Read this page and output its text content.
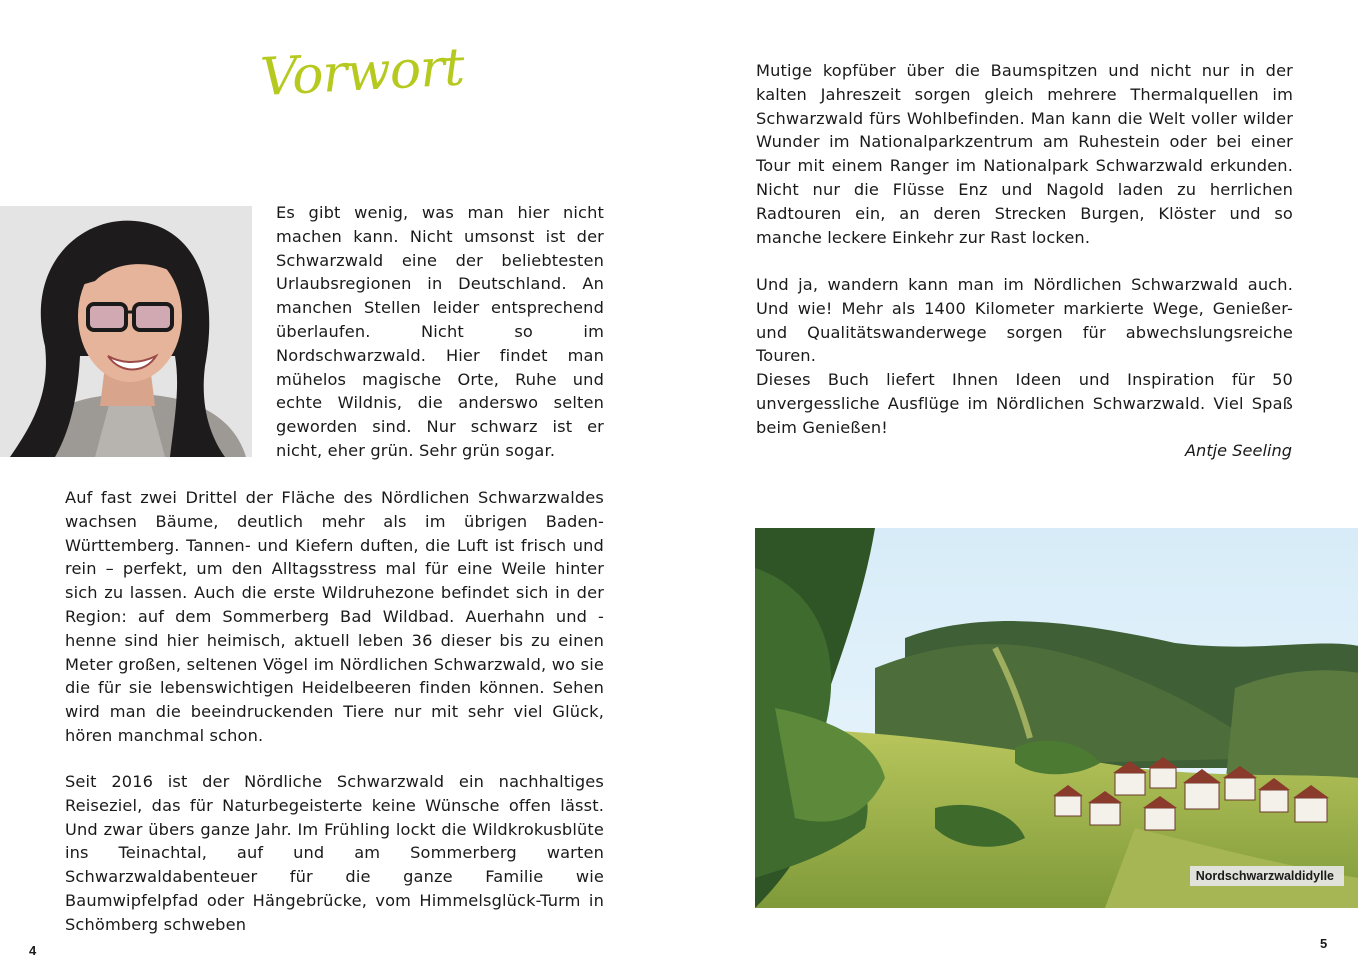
Vorwort

Es gibt wenig, was man hier nicht machen kann. Nicht umsonst ist der Schwarzwald eine der beliebtesten Urlaubsregionen in Deutschland. An manchen Stellen leider entsprechend überlaufen. Nicht so im Nordschwarzwald. Hier findet man mühelos magische Orte, Ruhe und echte Wildnis, die anderswo selten geworden sind. Nur schwarz ist er nicht, eher grün. Sehr grün sogar.

Auf fast zwei Drittel der Fläche des Nördlichen Schwarzwaldes wachsen Bäume, deutlich mehr als im übrigen Baden-Württemberg. Tannen- und Kiefern duften, die Luft ist frisch und rein – perfekt, um den Alltagsstress mal für eine Weile hinter sich zu lassen. Auch die erste Wildruhezone befindet sich in der Region: auf dem Sommerberg Bad Wildbad. Auerhahn und -henne sind hier heimisch, aktuell leben 36 dieser bis zu einen Meter großen, seltenen Vögel im Nördlichen Schwarzwald, wo sie die für sie lebenswichtigen Heidelbeeren finden können. Sehen wird man die beeindruckenden Tiere nur mit sehr viel Glück, hören manchmal schon.

Seit 2016 ist der Nördliche Schwarzwald ein nachhaltiges Reiseziel, das für Naturbegeisterte keine Wünsche offen lässt. Und zwar übers ganze Jahr. Im Frühling lockt die Wildkrokusblüte ins Teinachtal, auf und am Sommerberg warten Schwarzwaldabenteuer für die ganze Familie wie Baumwipfelpfad oder Hängebrücke, vom Himmelsglück-Turm in Schömberg schweben

4

Mutige kopfüber über die Baumspitzen und nicht nur in der kalten Jahreszeit sorgen gleich mehrere Thermalquellen im Schwarzwald fürs Wohlbefinden. Man kann die Welt voller wilder Wunder im Nationalparkzentrum am Ruhestein oder bei einer Tour mit einem Ranger im Nationalpark Schwarzwald erkunden. Nicht nur die Flüsse Enz und Nagold laden zu herrlichen Radtouren ein, an deren Strecken Burgen, Klöster und so manche leckere Einkehr zur Rast locken.

Und ja, wandern kann man im Nördlichen Schwarzwald auch. Und wie! Mehr als 1400 Kilometer markierte Wege, Genießer- und Qualitätswanderwege sorgen für abwechslungsreiche Touren.

Dieses Buch liefert Ihnen Ideen und Inspiration für 50 unvergessliche Ausflüge im Nördlichen Schwarzwald. Viel Spaß beim Genießen!

Antje Seeling
Nordschwarzwaldidylle
5
